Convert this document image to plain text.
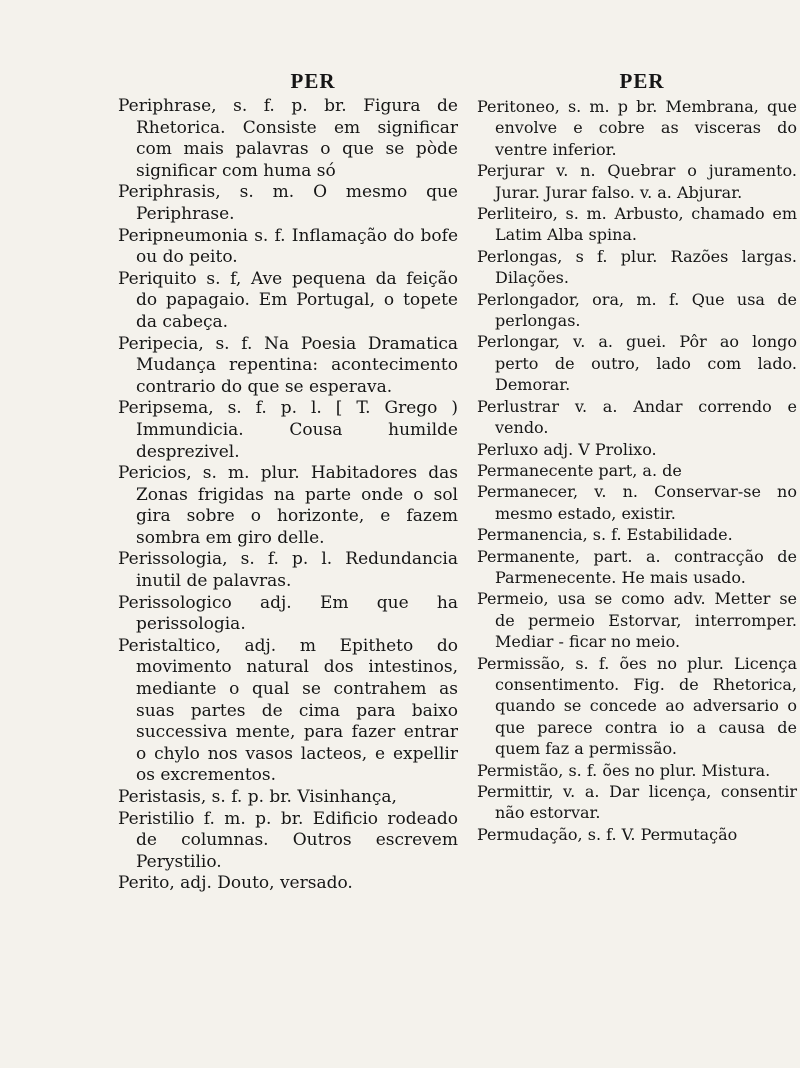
PER
Periphrase, s. f. p. br. Figura de Rhetorica. Consiste em significar com mais palavras o que se pòde significar com huma só
Periphrasis, s. m. O mesmo que Periphrase.
Peripneumonia s. f. Inflamação do bofe ou do peito.
Periquito s. f, Ave pequena da feição do papagaio. Em Portugal, o topete da cabeça.
Peripecia, s. f. Na Poesia Dramatica Mudança repentina: acontecimento contrario do que se esperava.
Peripsema, s. f. p. l. [ T. Grego ) Immundicia. Cousa humilde desprezivel.
Pericios, s. m. plur. Habitadores das Zonas frigidas na parte onde o sol gira sobre o horizonte, e fazem sombra em giro delle.
Perissologia, s. f. p. l. Redundancia inutil de palavras.
Perissologico adj. Em que ha perissologia.
Peristaltico, adj. m Epitheto do movimento natural dos intestinos, mediante o qual se contrahem as suas partes de cima para baixo successiva mente, para fazer entrar o chylo nos vasos lacteos, e expellir os excrementos.
Peristasis, s. f. p. br. Visinhança,
Peristilio f. m. p. br. Edificio rodeado de columnas. Outros escrevem Perystilio.
Perito, adj. Douto, versado.
PER
Peritoneo, s. m. p br. Membrana, que envolve e cobre as visceras do ventre inferior.
Perjurar v. n. Quebrar o juramento. Jurar. Jurar falso. v. a. Abjurar.
Perliteiro, s. m. Arbusto, chamado em Latim Alba spina.
Perlongas, s f. plur. Razões largas. Dilações.
Perlongador, ora, m. f. Que usa de perlongas.
Perlongar, v. a. guei. Pôr ao longo perto de outro, lado com lado. Demorar.
Perlustrar v. a. Andar correndo e vendo.
Perluxo adj. V Prolixo.
Permanecente part, a. de
Permanecer, v. n. Conservar-se no mesmo estado, existir.
Permanencia, s. f. Estabilidade.
Permanente, part. a. contracção de Parmenecente. He mais usado.
Permeio, usa se como adv. Metter se de permeio Estorvar, interromper. Mediar - ficar no meio.
Permissão, s. f. ões no plur. Licença consentimento. Fig. de Rhetorica, quando se concede ao adversario o que parece contra io a causa de quem faz a permissão.
Permistão, s. f. ões no plur. Mistura.
Permittir, v. a. Dar licença, consentir não estorvar.
Permudação, s. f. V. Permutação
